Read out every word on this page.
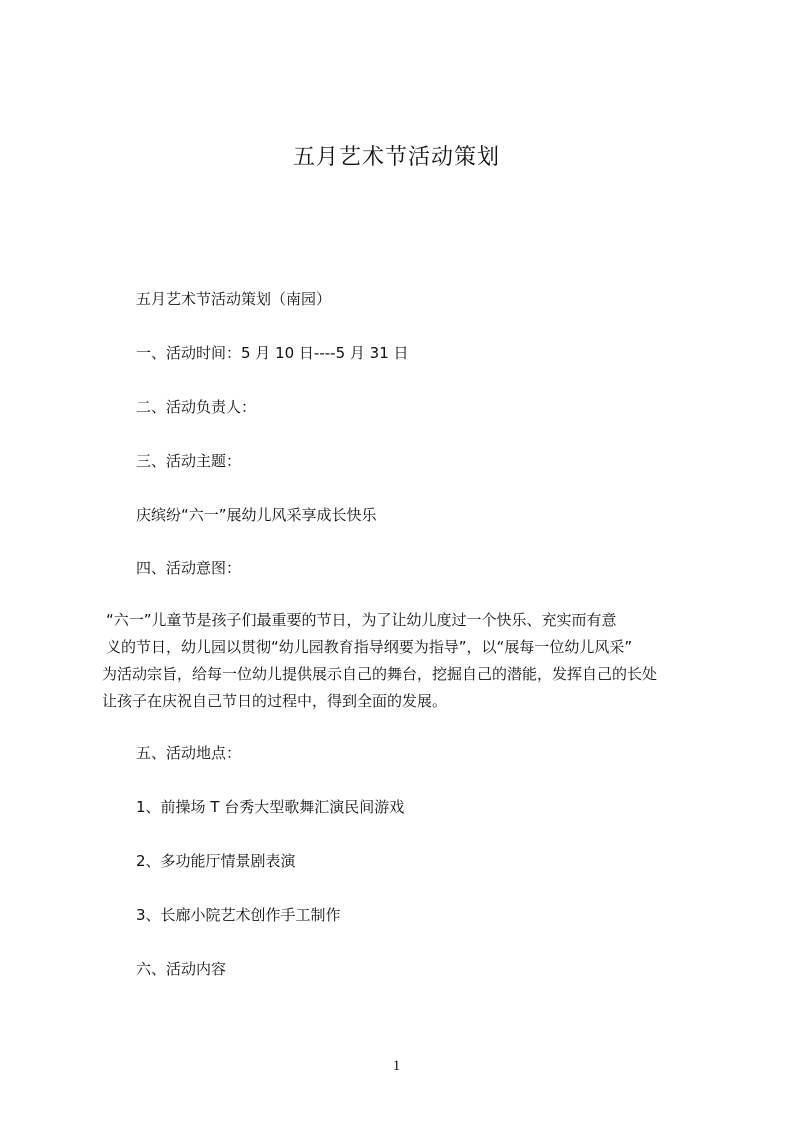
五月艺术节活动策划

五月艺术节活动策划（南园）

一、活动时间：5 月 10 日----5 月 31 日

二、活动负责人：

三、活动主题：

庆缤纷“六一”展幼儿风采享成长快乐

四、活动意图：

“六一”儿童节是孩子们最重要的节日，为了让幼儿度过一个快乐、充实而有意
义的节日，幼儿园以贯彻“幼儿园教育指导纲要为指导”，以“展每一位幼儿风采”
为活动宗旨，给每一位幼儿提供展示自己的舞台，挖掘自己的潜能，发挥自己的长处
让孩子在庆祝自己节日的过程中，得到全面的发展。

五、活动地点：

1、前操场 T 台秀大型歌舞汇演民间游戏

2、多功能厅情景剧表演

3、长廊小院艺术创作手工制作

六、活动内容

1
